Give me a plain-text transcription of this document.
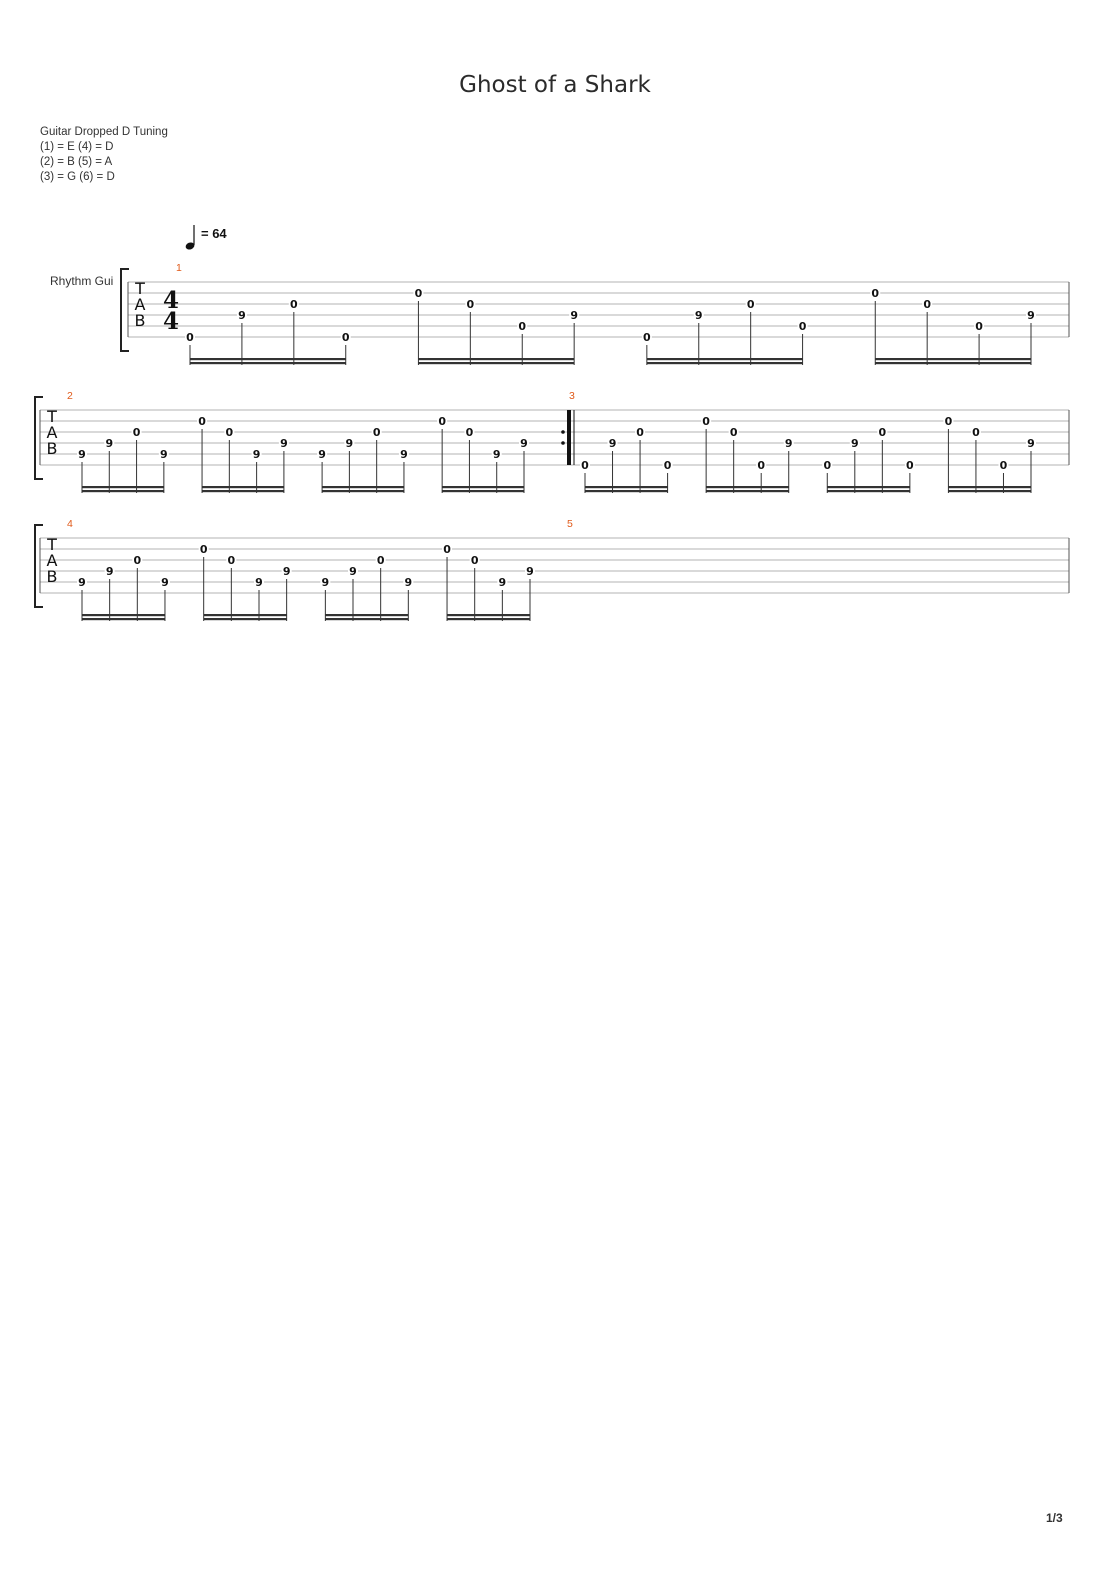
Ghost of a Shark
Guitar Dropped D Tuning
(1) = E (4) = D
(2) = B (5) = A
(3) = G (6) = D
= 64
Rhythm Gui T
A
B
4
4
1
0
9
0
0
0
0
0
9
0
9
0
0
0
0
0
9
T
A
B
2
9
9
0
9
0
0
9
9
9
9
0
9
0
0
9
9
3
0
9
0
0
0
0
0
9
0
9
0
0
0
0
0
9
T
A
B
4
9
9
0
9
0
0
9
9
9
9
0
9
0
0
9
9
5
1/3
